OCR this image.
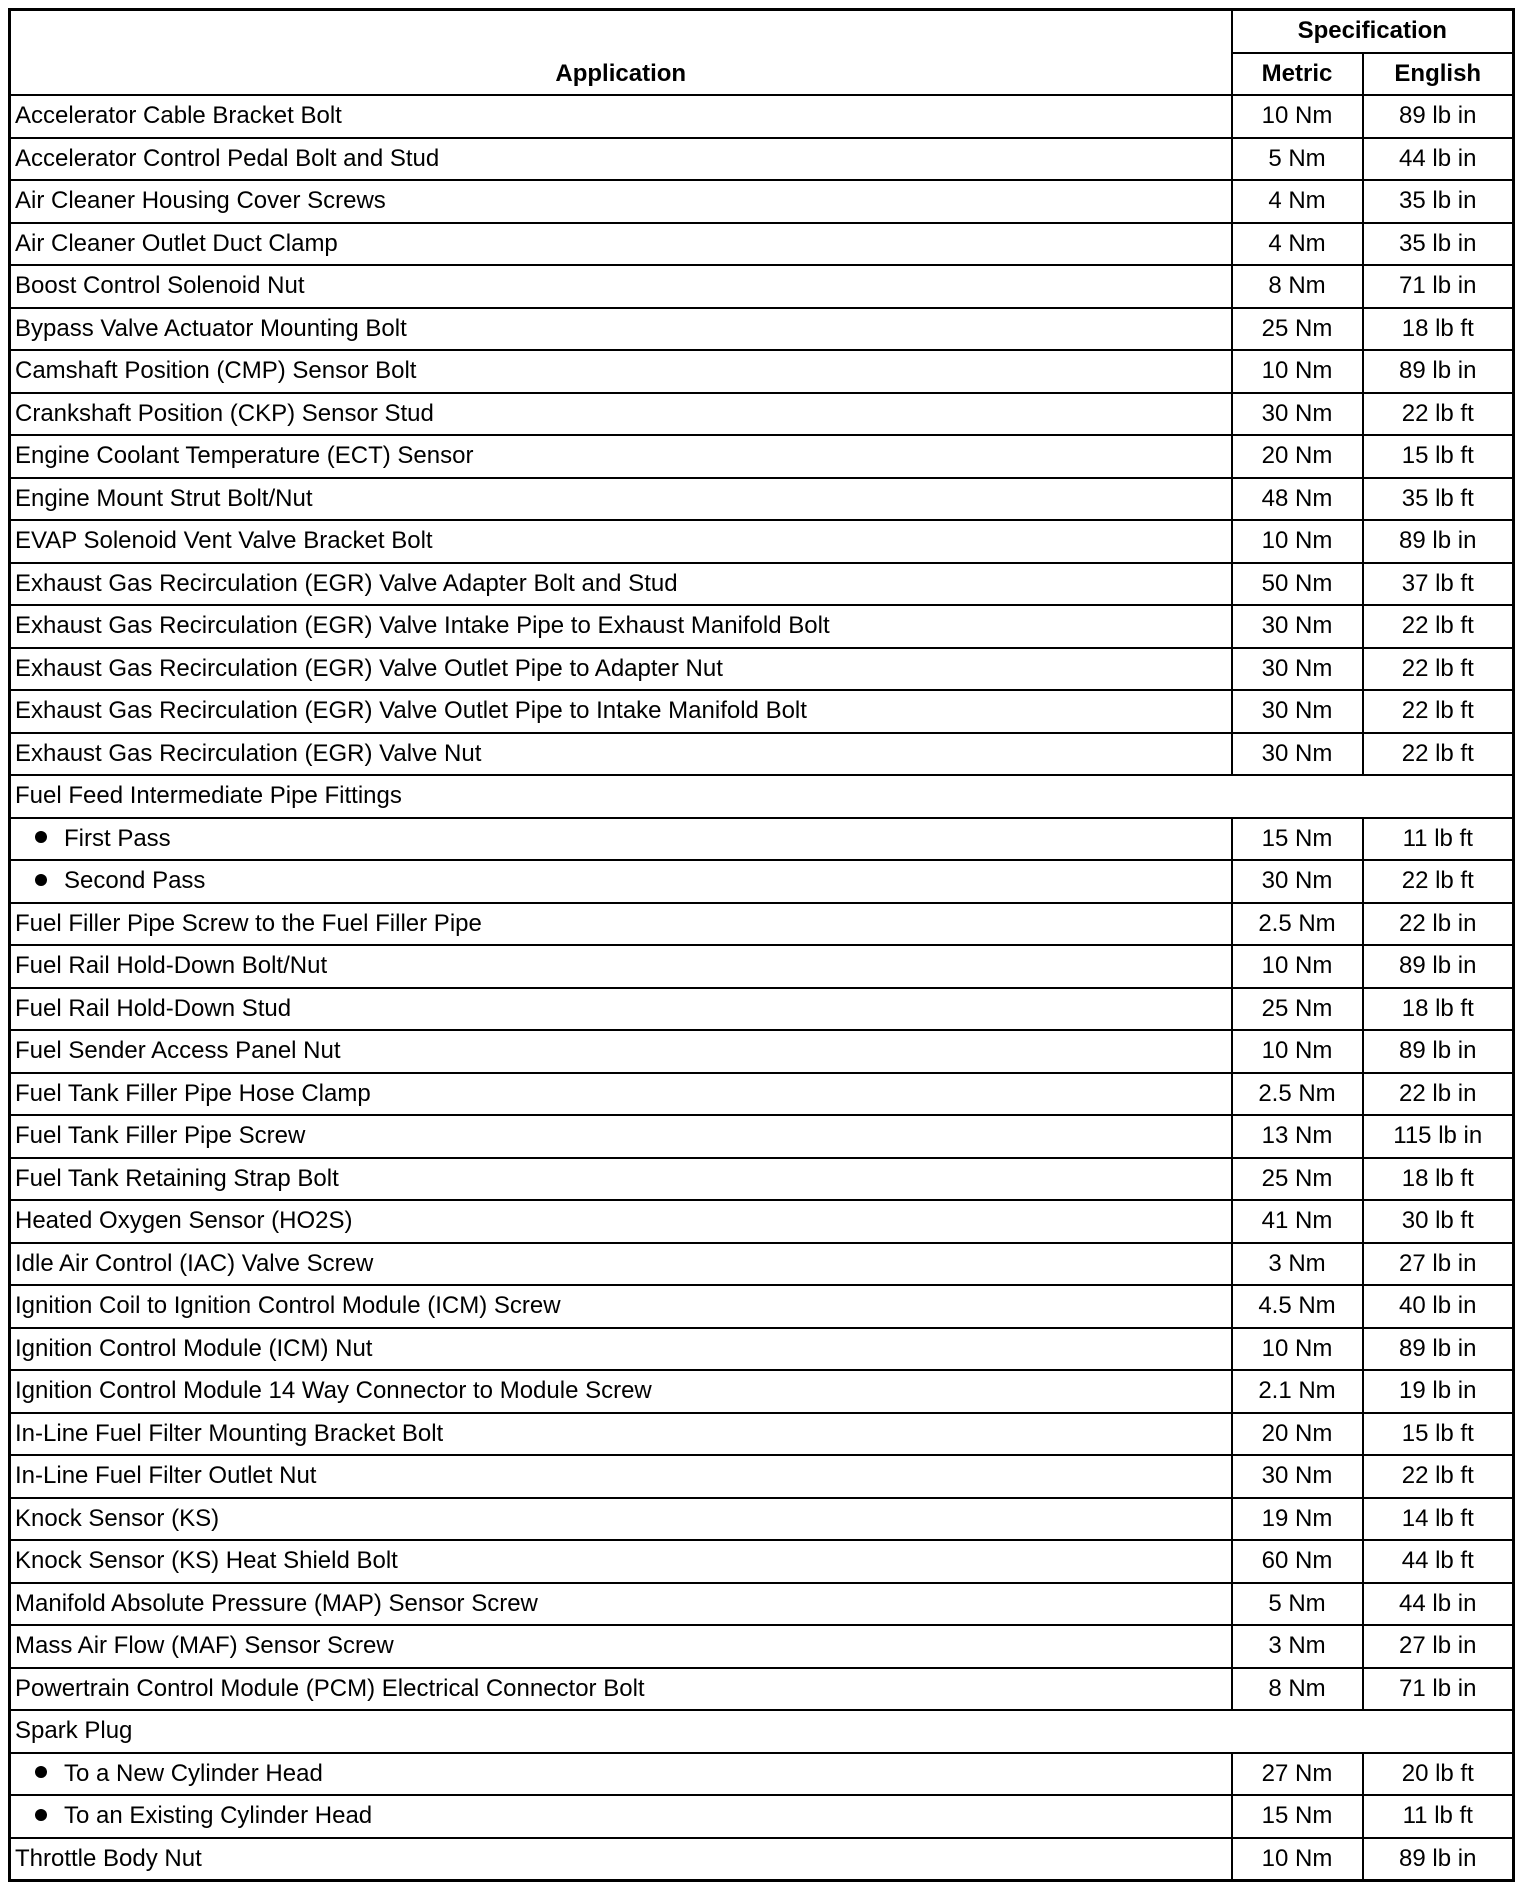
Application	Specification	
	Metric	English
Accelerator Cable Bracket Bolt	10 Nm	89 lb in
Accelerator Control Pedal Bolt and Stud	5 Nm	44 lb in
Air Cleaner Housing Cover Screws	4 Nm	35 lb in
Air Cleaner Outlet Duct Clamp	4 Nm	35 lb in
Boost Control Solenoid Nut	8 Nm	71 lb in
Bypass Valve Actuator Mounting Bolt	25 Nm	18 lb ft
Camshaft Position (CMP) Sensor Bolt	10 Nm	89 lb in
Crankshaft Position (CKP) Sensor Stud	30 Nm	22 lb ft
Engine Coolant Temperature (ECT) Sensor	20 Nm	15 lb ft
Engine Mount Strut Bolt/Nut	48 Nm	35 lb ft
EVAP Solenoid Vent Valve Bracket Bolt	10 Nm	89 lb in
Exhaust Gas Recirculation (EGR) Valve Adapter Bolt and Stud	50 Nm	37 lb ft
Exhaust Gas Recirculation (EGR) Valve Intake Pipe to Exhaust Manifold Bolt	30 Nm	22 lb ft
Exhaust Gas Recirculation (EGR) Valve Outlet Pipe to Adapter Nut	30 Nm	22 lb ft
Exhaust Gas Recirculation (EGR) Valve Outlet Pipe to Intake Manifold Bolt	30 Nm	22 lb ft
Exhaust Gas Recirculation (EGR) Valve Nut	30 Nm	22 lb ft
Fuel Feed Intermediate Pipe Fittings		
First Pass	15 Nm	11 lb ft
Second Pass	30 Nm	22 lb ft
Fuel Filler Pipe Screw to the Fuel Filler Pipe	2.5 Nm	22 lb in
Fuel Rail Hold-Down Bolt/Nut	10 Nm	89 lb in
Fuel Rail Hold-Down Stud	25 Nm	18 lb ft
Fuel Sender Access Panel Nut	10 Nm	89 lb in
Fuel Tank Filler Pipe Hose Clamp	2.5 Nm	22 lb in
Fuel Tank Filler Pipe Screw	13 Nm	115 lb in
Fuel Tank Retaining Strap Bolt	25 Nm	18 lb ft
Heated Oxygen Sensor (HO2S)	41 Nm	30 lb ft
Idle Air Control (IAC) Valve Screw	3 Nm	27 lb in
Ignition Coil to Ignition Control Module (ICM) Screw	4.5 Nm	40 lb in
Ignition Control Module (ICM) Nut	10 Nm	89 lb in
Ignition Control Module 14 Way Connector to Module Screw	2.1 Nm	19 lb in
In-Line Fuel Filter Mounting Bracket Bolt	20 Nm	15 lb ft
In-Line Fuel Filter Outlet Nut	30 Nm	22 lb ft
Knock Sensor (KS)	19 Nm	14 lb ft
Knock Sensor (KS) Heat Shield Bolt	60 Nm	44 lb ft
Manifold Absolute Pressure (MAP) Sensor Screw	5 Nm	44 lb in
Mass Air Flow (MAF) Sensor Screw	3 Nm	27 lb in
Powertrain Control Module (PCM) Electrical Connector Bolt	8 Nm	71 lb in
Spark Plug		
To a New Cylinder Head	27 Nm	20 lb ft
To an Existing Cylinder Head	15 Nm	11 lb ft
Throttle Body Nut	10 Nm	89 lb in
